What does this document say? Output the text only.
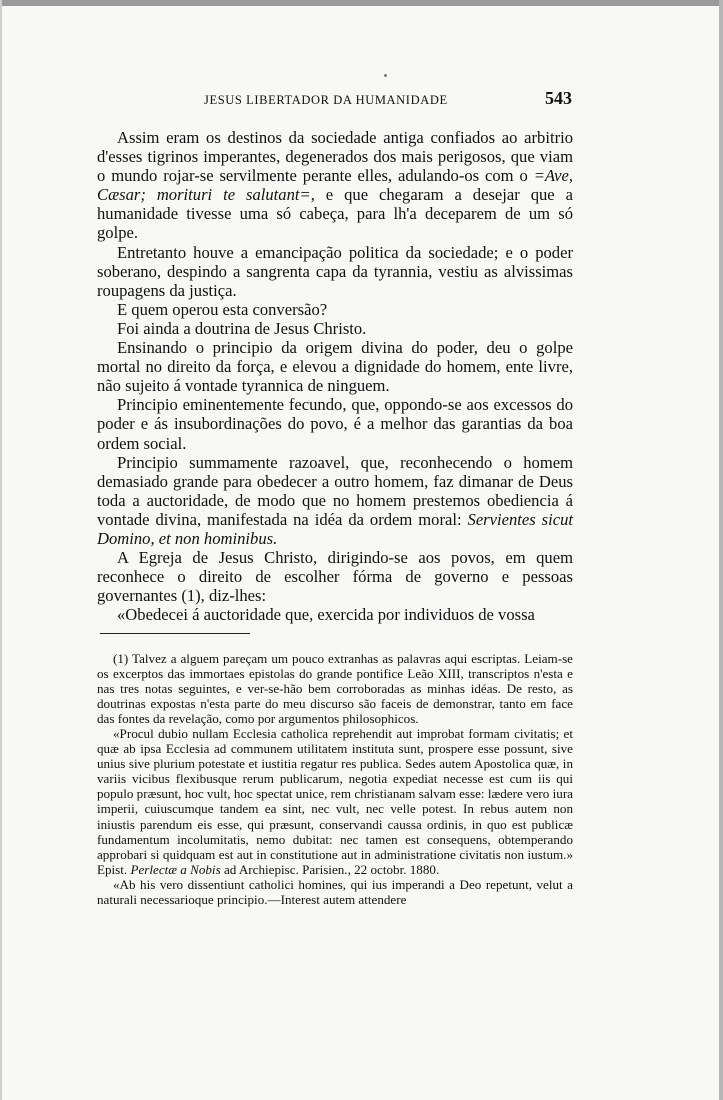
JESUS LIBERTADOR DA HUMANIDADE	543

Assim eram os destinos da sociedade antiga confiados ao arbitrio d'esses tigrinos imperantes, degenerados dos mais perigosos, que viam o mundo rojar-se servilmente perante elles, adulando-os com o =Ave, Cæsar; morituri te salutant=, e que chegaram a desejar que a humanidade tivesse uma só cabeça, para lh'a deceparem de um só golpe.

Entretanto houve a emancipação politica da sociedade; e o poder soberano, despindo a sangrenta capa da tyrannia, vestiu as alvissimas roupagens da justiça.

E quem operou esta conversão?

Foi ainda a doutrina de Jesus Christo.

Ensinando o principio da origem divina do poder, deu o golpe mortal no direito da força, e elevou a dignidade do homem, ente livre, não sujeito á vontade tyrannica de ninguem.

Principio eminentemente fecundo, que, oppondo-se aos excessos do poder e ás insubordinações do povo, é a melhor das garantias da boa ordem social.

Principio summamente razoavel, que, reconhecendo o homem demasiado grande para obedecer a outro homem, faz dimanar de Deus toda a auctoridade, de modo que no homem prestemos obediencia á vontade divina, manifestada na idéa da ordem moral: Servientes sicut Domino, et non hominibus.

A Egreja de Jesus Christo, dirigindo-se aos povos, em quem reconhece o direito de escolher fórma de governo e pessoas governantes (1), diz-lhes:

«Obedecei á auctoridade que, exercida por individuos de vossa

(1) Talvez a alguem pareçam um pouco extranhas as palavras aqui escriptas. Leiam-se os excerptos das immortaes epistolas do grande pontifice Leão XIII, transcriptos n'esta e nas tres notas seguintes, e ver-se-hão bem corroboradas as minhas idéas. De resto, as doutrinas expostas n'esta parte do meu discurso são faceis de demonstrar, tanto em face das fontes da revelação, como por argumentos philosophicos.

«Procul dubio nullam Ecclesia catholica reprehendit aut improbat formam civitatis; et quæ ab ipsa Ecclesia ad communem utilitatem instituta sunt, prospere esse possunt, sive unius sive plurium potestate et iustitia regatur res publica. Sedes autem Apostolica quæ, in variis vicibus flexibusque rerum publicarum, negotia expediat necesse est cum iis qui populo præsunt, hoc vult, hoc spectat unice, rem christianam salvam esse: lædere vero iura imperii, cuiuscumque tandem ea sint, nec vult, nec velle potest. In rebus autem non iniustis parendum eis esse, qui præsunt, conservandi caussa ordinis, in quo est publicæ fundamentum incolumitatis, nemo dubitat: nec tamen est consequens, obtemperando approbari si quidquam est aut in constitutione aut in administratione civitatis non iustum.» Epist. Perlectæ a Nobis ad Archiepisc. Parisien., 22 octobr. 1880.

«Ab his vero dissentiunt catholici homines, qui ius imperandi a Deo repetunt, velut a naturali necessarioque principio.—Interest autem attendere
